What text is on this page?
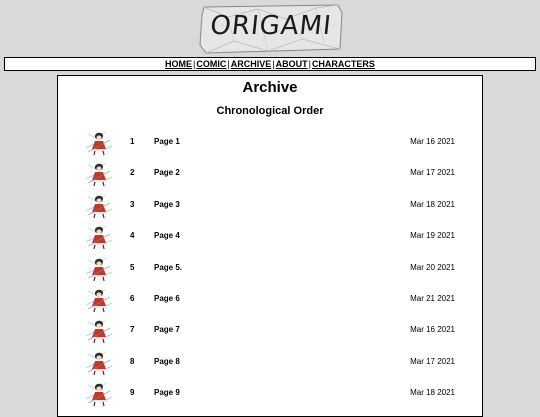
ORIGAMI
HOME|COMIC|ARCHIVE|ABOUT|CHARACTERS
Archive
Chronological Order
1	Page 1	Mar 16 2021
2	Page 2	Mar 17 2021
3	Page 3	Mar 18 2021
4	Page 4	Mar 19 2021
5	Page 5.	Mar 20 2021
6	Page 6	Mar 21 2021
7	Page 7	Mar 16 2021
8	Page 8	Mar 17 2021
9	Page 9	Mar 18 2021
